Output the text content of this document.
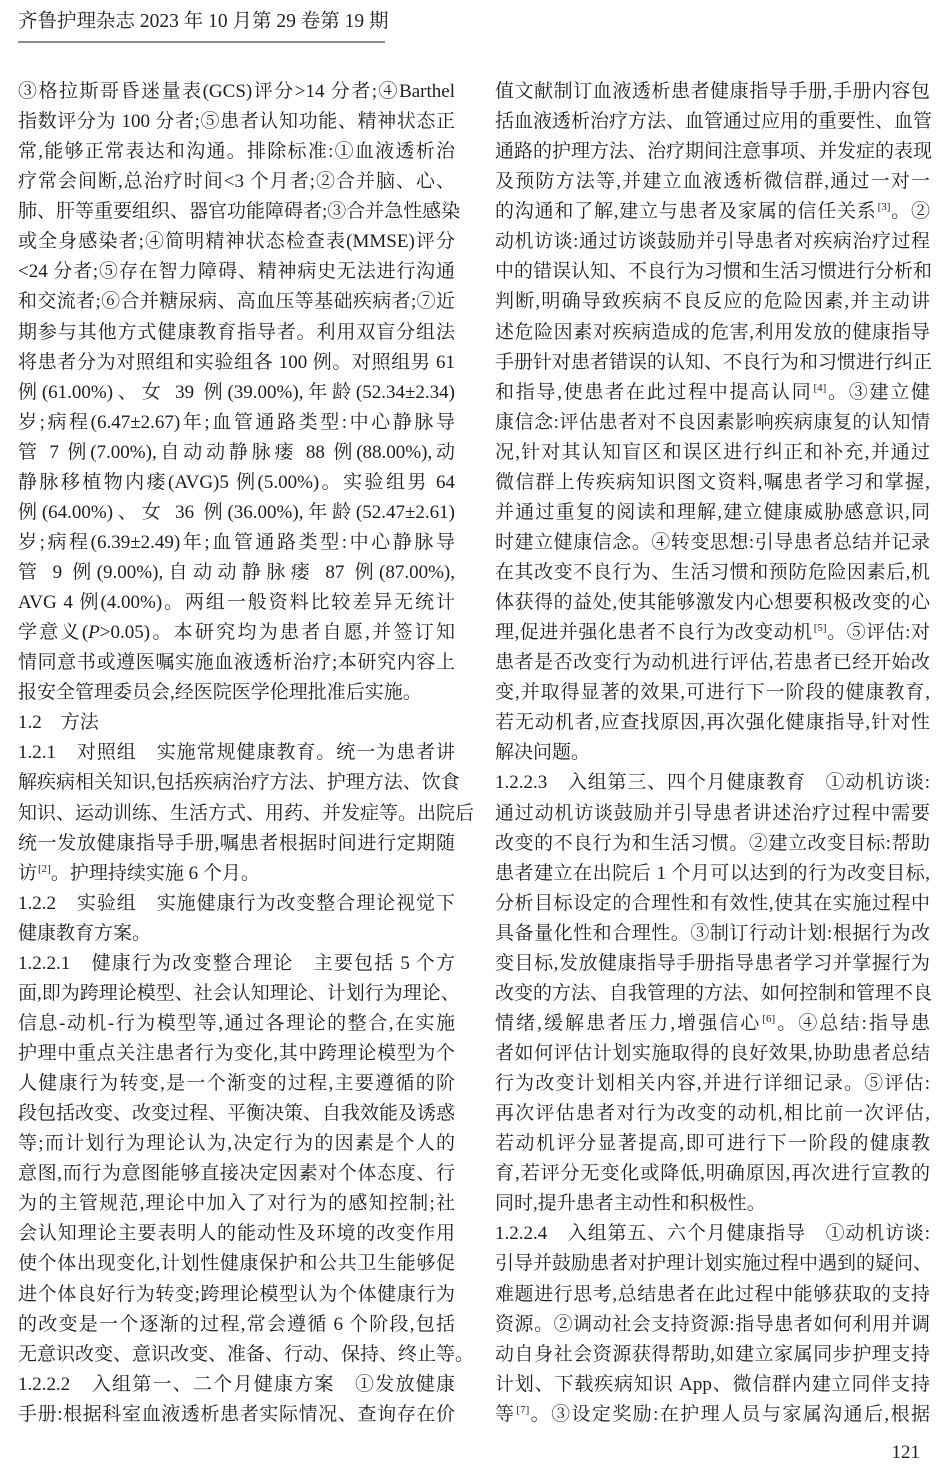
齐鲁护理杂志 2023 年 10 月第 29 卷第 19 期
③格拉斯哥昏迷量表(GCS)评分>14 分者;④Barthel
指数评分为 100 分者;⑤患者认知功能、精神状态正
常,能够正常表达和沟通。排除标准:①血液透析治
疗常会间断,总治疗时间<3 个月者;②合并脑、心、
肺、肝等重要组织、器官功能障碍者;③合并急性感染
或全身感染者;④简明精神状态检查表(MMSE)评分
<24 分者;⑤存在智力障碍、精神病史无法进行沟通
和交流者;⑥合并糖尿病、高血压等基础疾病者;⑦近
期参与其他方式健康教育指导者。利用双盲分组法
将患者分为对照组和实验组各 100 例。对照组男 61
例(61.00%)、女 39 例(39.00%),年龄(52.34±2.34)
岁;病程(6.47±2.67)年;血管通路类型:中心静脉导
管 7 例(7.00%),自动动静脉瘘 88 例(88.00%),动
静脉移植物内瘘(AVG)5 例(5.00%)。实验组男 64
例(64.00%)、女 36 例(36.00%),年龄(52.47±2.61)
岁;病程(6.39±2.49)年;血管通路类型:中心静脉导
管 9 例(9.00%),自动动静脉瘘 87 例(87.00%),
AVG 4 例(4.00%)。两组一般资料比较差异无统计
学意义(P>0.05)。本研究均为患者自愿,并签订知
情同意书或遵医嘱实施血液透析治疗;本研究内容上
报安全管理委员会,经医院医学伦理批准后实施。
1.2　方法
1.2.1　对照组　实施常规健康教育。统一为患者讲
解疾病相关知识,包括疾病治疗方法、护理方法、饮食
知识、运动训练、生活方式、用药、并发症等。出院后
统一发放健康指导手册,嘱患者根据时间进行定期随
访[2]。护理持续实施 6 个月。
1.2.2　实验组　实施健康行为改变整合理论视觉下
健康教育方案。
1.2.2.1　健康行为改变整合理论　主要包括 5 个方
面,即为跨理论模型、社会认知理论、计划行为理论、
信息-动机-行为模型等,通过各理论的整合,在实施
护理中重点关注患者行为变化,其中跨理论模型为个
人健康行为转变,是一个渐变的过程,主要遵循的阶
段包括改变、改变过程、平衡决策、自我效能及诱惑
等;而计划行为理论认为,决定行为的因素是个人的
意图,而行为意图能够直接决定因素对个体态度、行
为的主管规范,理论中加入了对行为的感知控制;社
会认知理论主要表明人的能动性及环境的改变作用
使个体出现变化,计划性健康保护和公共卫生能够促
进个体良好行为转变;跨理论模型认为个体健康行为
的改变是一个逐渐的过程,常会遵循 6 个阶段,包括
无意识改变、意识改变、准备、行动、保持、终止等。
1.2.2.2　入组第一、二个月健康方案　①发放健康
手册:根据科室血液透析患者实际情况、查询存在价
值文献制订血液透析患者健康指导手册,手册内容包
括血液透析治疗方法、血管通过应用的重要性、血管
通路的护理方法、治疗期间注意事项、并发症的表现
及预防方法等,并建立血液透析微信群,通过一对一
的沟通和了解,建立与患者及家属的信任关系[3]。②
动机访谈:通过访谈鼓励并引导患者对疾病治疗过程
中的错误认知、不良行为习惯和生活习惯进行分析和
判断,明确导致疾病不良反应的危险因素,并主动讲
述危险因素对疾病造成的危害,利用发放的健康指导
手册针对患者错误的认知、不良行为和习惯进行纠正
和指导,使患者在此过程中提高认同[4]。③建立健
康信念:评估患者对不良因素影响疾病康复的认知情
况,针对其认知盲区和误区进行纠正和补充,并通过
微信群上传疾病知识图文资料,嘱患者学习和掌握,
并通过重复的阅读和理解,建立健康威胁感意识,同
时建立健康信念。④转变思想:引导患者总结并记录
在其改变不良行为、生活习惯和预防危险因素后,机
体获得的益处,使其能够激发内心想要积极改变的心
理,促进并强化患者不良行为改变动机[5]。⑤评估:对
患者是否改变行为动机进行评估,若患者已经开始改
变,并取得显著的效果,可进行下一阶段的健康教育,
若无动机者,应查找原因,再次强化健康指导,针对性
解决问题。
1.2.2.3　入组第三、四个月健康教育　①动机访谈:
通过动机访谈鼓励并引导患者讲述治疗过程中需要
改变的不良行为和生活习惯。②建立改变目标:帮助
患者建立在出院后 1 个月可以达到的行为改变目标,
分析目标设定的合理性和有效性,使其在实施过程中
具备量化性和合理性。③制订行动计划:根据行为改
变目标,发放健康指导手册指导患者学习并掌握行为
改变的方法、自我管理的方法、如何控制和管理不良
情绪,缓解患者压力,增强信心[6]。④总结:指导患
者如何评估计划实施取得的良好效果,协助患者总结
行为改变计划相关内容,并进行详细记录。⑤评估:
再次评估患者对行为改变的动机,相比前一次评估,
若动机评分显著提高,即可进行下一阶段的健康教
育,若评分无变化或降低,明确原因,再次进行宣教的
同时,提升患者主动性和积极性。
1.2.2.4　入组第五、六个月健康指导　①动机访谈:
引导并鼓励患者对护理计划实施过程中遇到的疑问、
难题进行思考,总结患者在此过程中能够获取的支持
资源。②调动社会支持资源:指导患者如何利用并调
动自身社会资源获得帮助,如建立家属同步护理支持
计划、下载疾病知识 App、微信群内建立同伴支持
等[7]。③设定奖励:在护理人员与家属沟通后,根据
121
